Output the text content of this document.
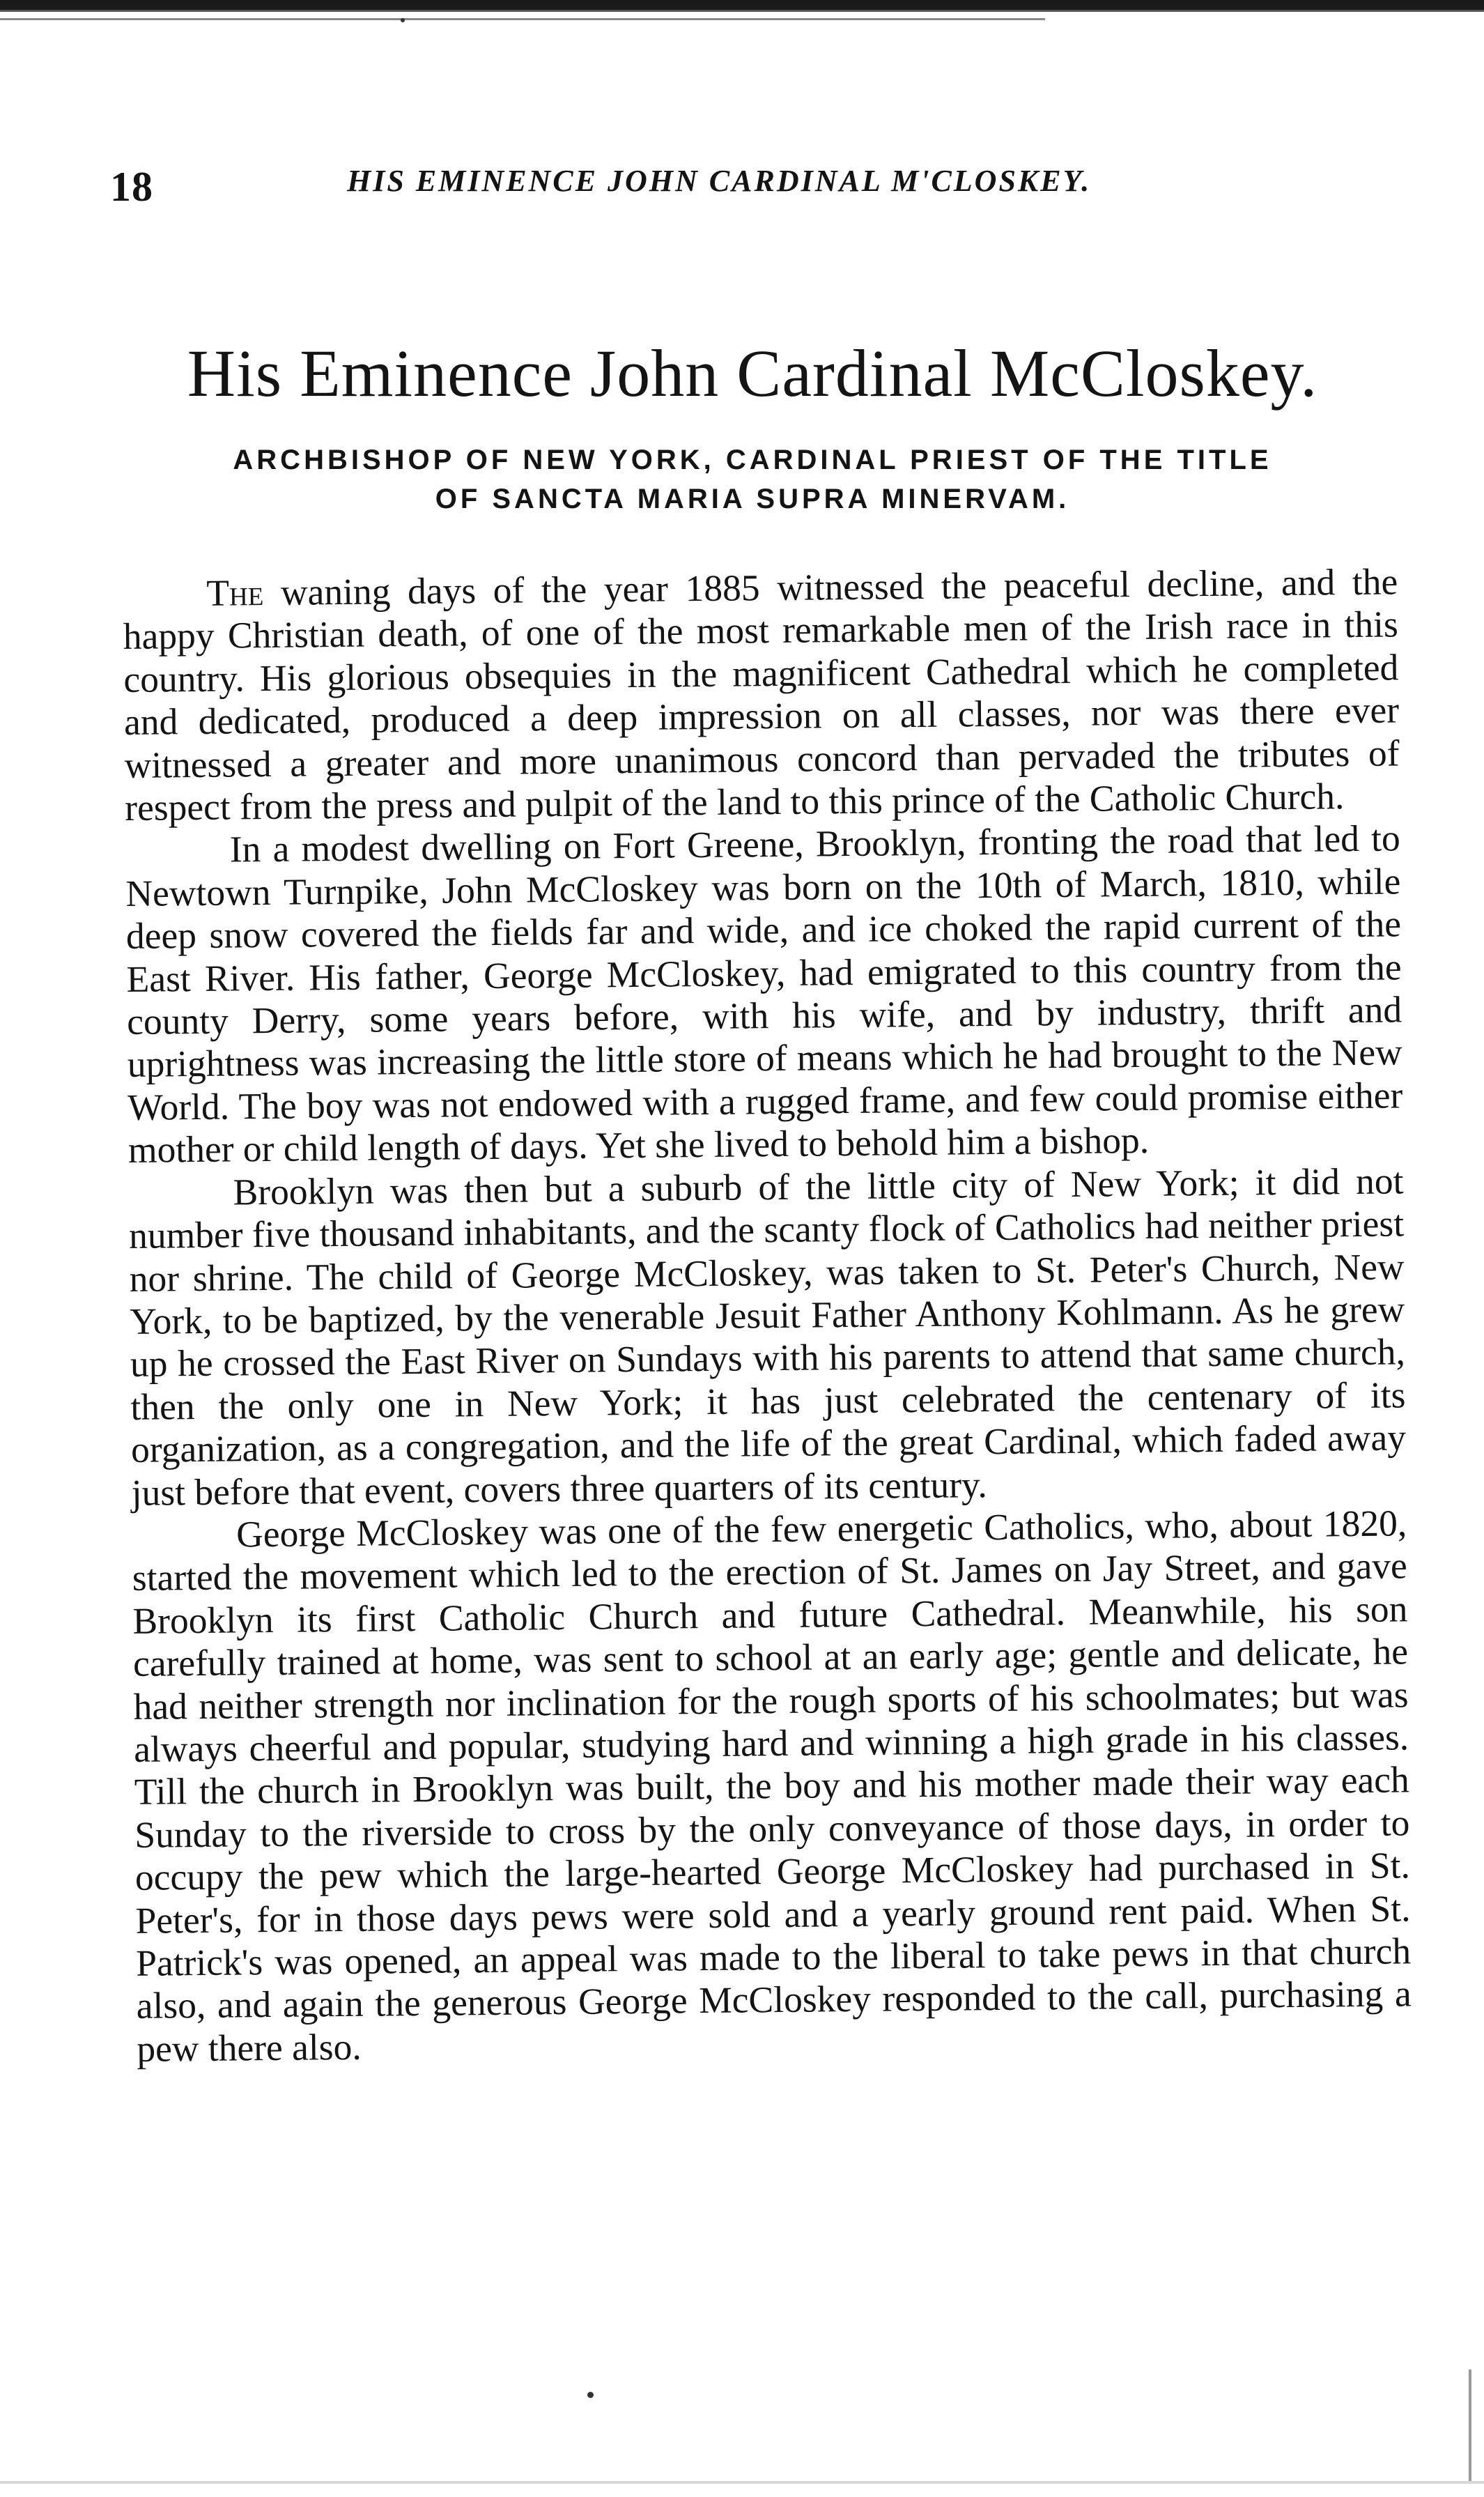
18	HIS EMINENCE JOHN CARDINAL M'CLOSKEY.
His Eminence John Cardinal McCloskey.
ARCHBISHOP OF NEW YORK, CARDINAL PRIEST OF THE TITLE
OF SANCTA MARIA SUPRA MINERVAM.

The waning days of the year 1885 witnessed the peaceful decline, and the happy Christian death, of one of the most remarkable men of the Irish race in this country. His glorious obsequies in the magnificent Cathedral which he completed and dedicated, produced a deep impression on all classes, nor was there ever witnessed a greater and more unanimous concord than pervaded the tributes of respect from the press and pulpit of the land to this prince of the Catholic Church.

In a modest dwelling on Fort Greene, Brooklyn, fronting the road that led to Newtown Turnpike, John McCloskey was born on the 10th of March, 1810, while deep snow covered the fields far and wide, and ice choked the rapid current of the East River. His father, George McCloskey, had emigrated to this country from the county Derry, some years before, with his wife, and by industry, thrift and uprightness was increasing the little store of means which he had brought to the New World. The boy was not endowed with a rugged frame, and few could promise either mother or child length of days. Yet she lived to behold him a bishop.

Brooklyn was then but a suburb of the little city of New York; it did not number five thousand inhabitants, and the scanty flock of Catholics had neither priest nor shrine. The child of George McCloskey, was taken to St. Peter's Church, New York, to be baptized, by the venerable Jesuit Father Anthony Kohlmann. As he grew up he crossed the East River on Sundays with his parents to attend that same church, then the only one in New York; it has just celebrated the centenary of its organization, as a congregation, and the life of the great Cardinal, which faded away just before that event, covers three quarters of its century.

George McCloskey was one of the few energetic Catholics, who, about 1820, started the movement which led to the erection of St. James on Jay Street, and gave Brooklyn its first Catholic Church and future Cathedral. Meanwhile, his son carefully trained at home, was sent to school at an early age; gentle and delicate, he had neither strength nor inclination for the rough sports of his schoolmates; but was always cheerful and popular, studying hard and winning a high grade in his classes. Till the church in Brooklyn was built, the boy and his mother made their way each Sunday to the riverside to cross by the only conveyance of those days, in order to occupy the pew which the large-hearted George McCloskey had purchased in St. Peter's, for in those days pews were sold and a yearly ground rent paid. When St. Patrick's was opened, an appeal was made to the liberal to take pews in that church also, and again the generous George McCloskey responded to the call, purchasing a pew there also.
